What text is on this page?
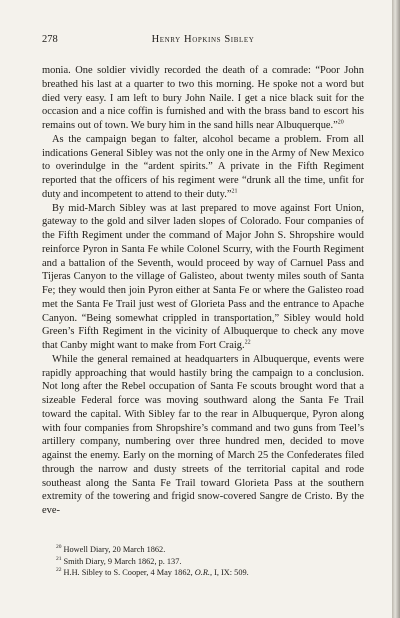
278	Henry Hopkins Sibley

monia. One soldier vividly recorded the death of a comrade: “Poor John breathed his last at a quarter to two this morning. He spoke not a word but died very easy. I am left to bury John Naile. I get a nice black suit for the occasion and a nice coffin is furnished and with the brass band to escort his remains out of town. We bury him in the sand hills near Albuquerque.”$^{20}$

As the campaign began to falter, alcohol became a problem. From all indications General Sibley was not the only one in the Army of New Mexico to overindulge in the “ardent spirits.” A private in the Fifth Regiment reported that the officers of his regiment were “drunk all the time, unfit for duty and incompetent to attend to their duty.”$^{21}$

By mid-March Sibley was at last prepared to move against Fort Union, gateway to the gold and silver laden slopes of Colorado. Four companies of the Fifth Regiment under the command of Major John S. Shropshire would reinforce Pyron in Santa Fe while Colonel Scurry, with the Fourth Regiment and a battalion of the Seventh, would proceed by way of Carnuel Pass and Tijeras Canyon to the village of Galisteo, about twenty miles south of Santa Fe; they would then join Pyron either at Santa Fe or where the Galisteo road met the Santa Fe Trail just west of Glorieta Pass and the entrance to Apache Canyon. “Being somewhat crippled in transportation,” Sibley would hold Green’s Fifth Regiment in the vicinity of Albuquerque to check any move that Canby might want to make from Fort Craig.$^{22}$

While the general remained at headquarters in Albuquerque, events were rapidly approaching that would hastily bring the campaign to a conclusion. Not long after the Rebel occupation of Santa Fe scouts brought word that a sizeable Federal force was moving southward along the Santa Fe Trail toward the capital. With Sibley far to the rear in Albuquerque, Pyron along with four companies from Shropshire’s command and two guns from Teel’s artillery company, numbering over three hundred men, decided to move against the enemy. Early on the morning of March 25 the Confederates filed through the narrow and dusty streets of the territorial capital and rode southeast along the Santa Fe Trail toward Glorieta Pass at the southern extremity of the towering and frigid snow-covered Sangre de Cristo. By the eve-

$^{20}$ Howell Diary, 20 March 1862.

$^{21}$ Smith Diary, 9 March 1862, p. 137.

$^{22}$ H.H. Sibley to S. Cooper, 4 May 1862, O.R., I, IX: 509.
